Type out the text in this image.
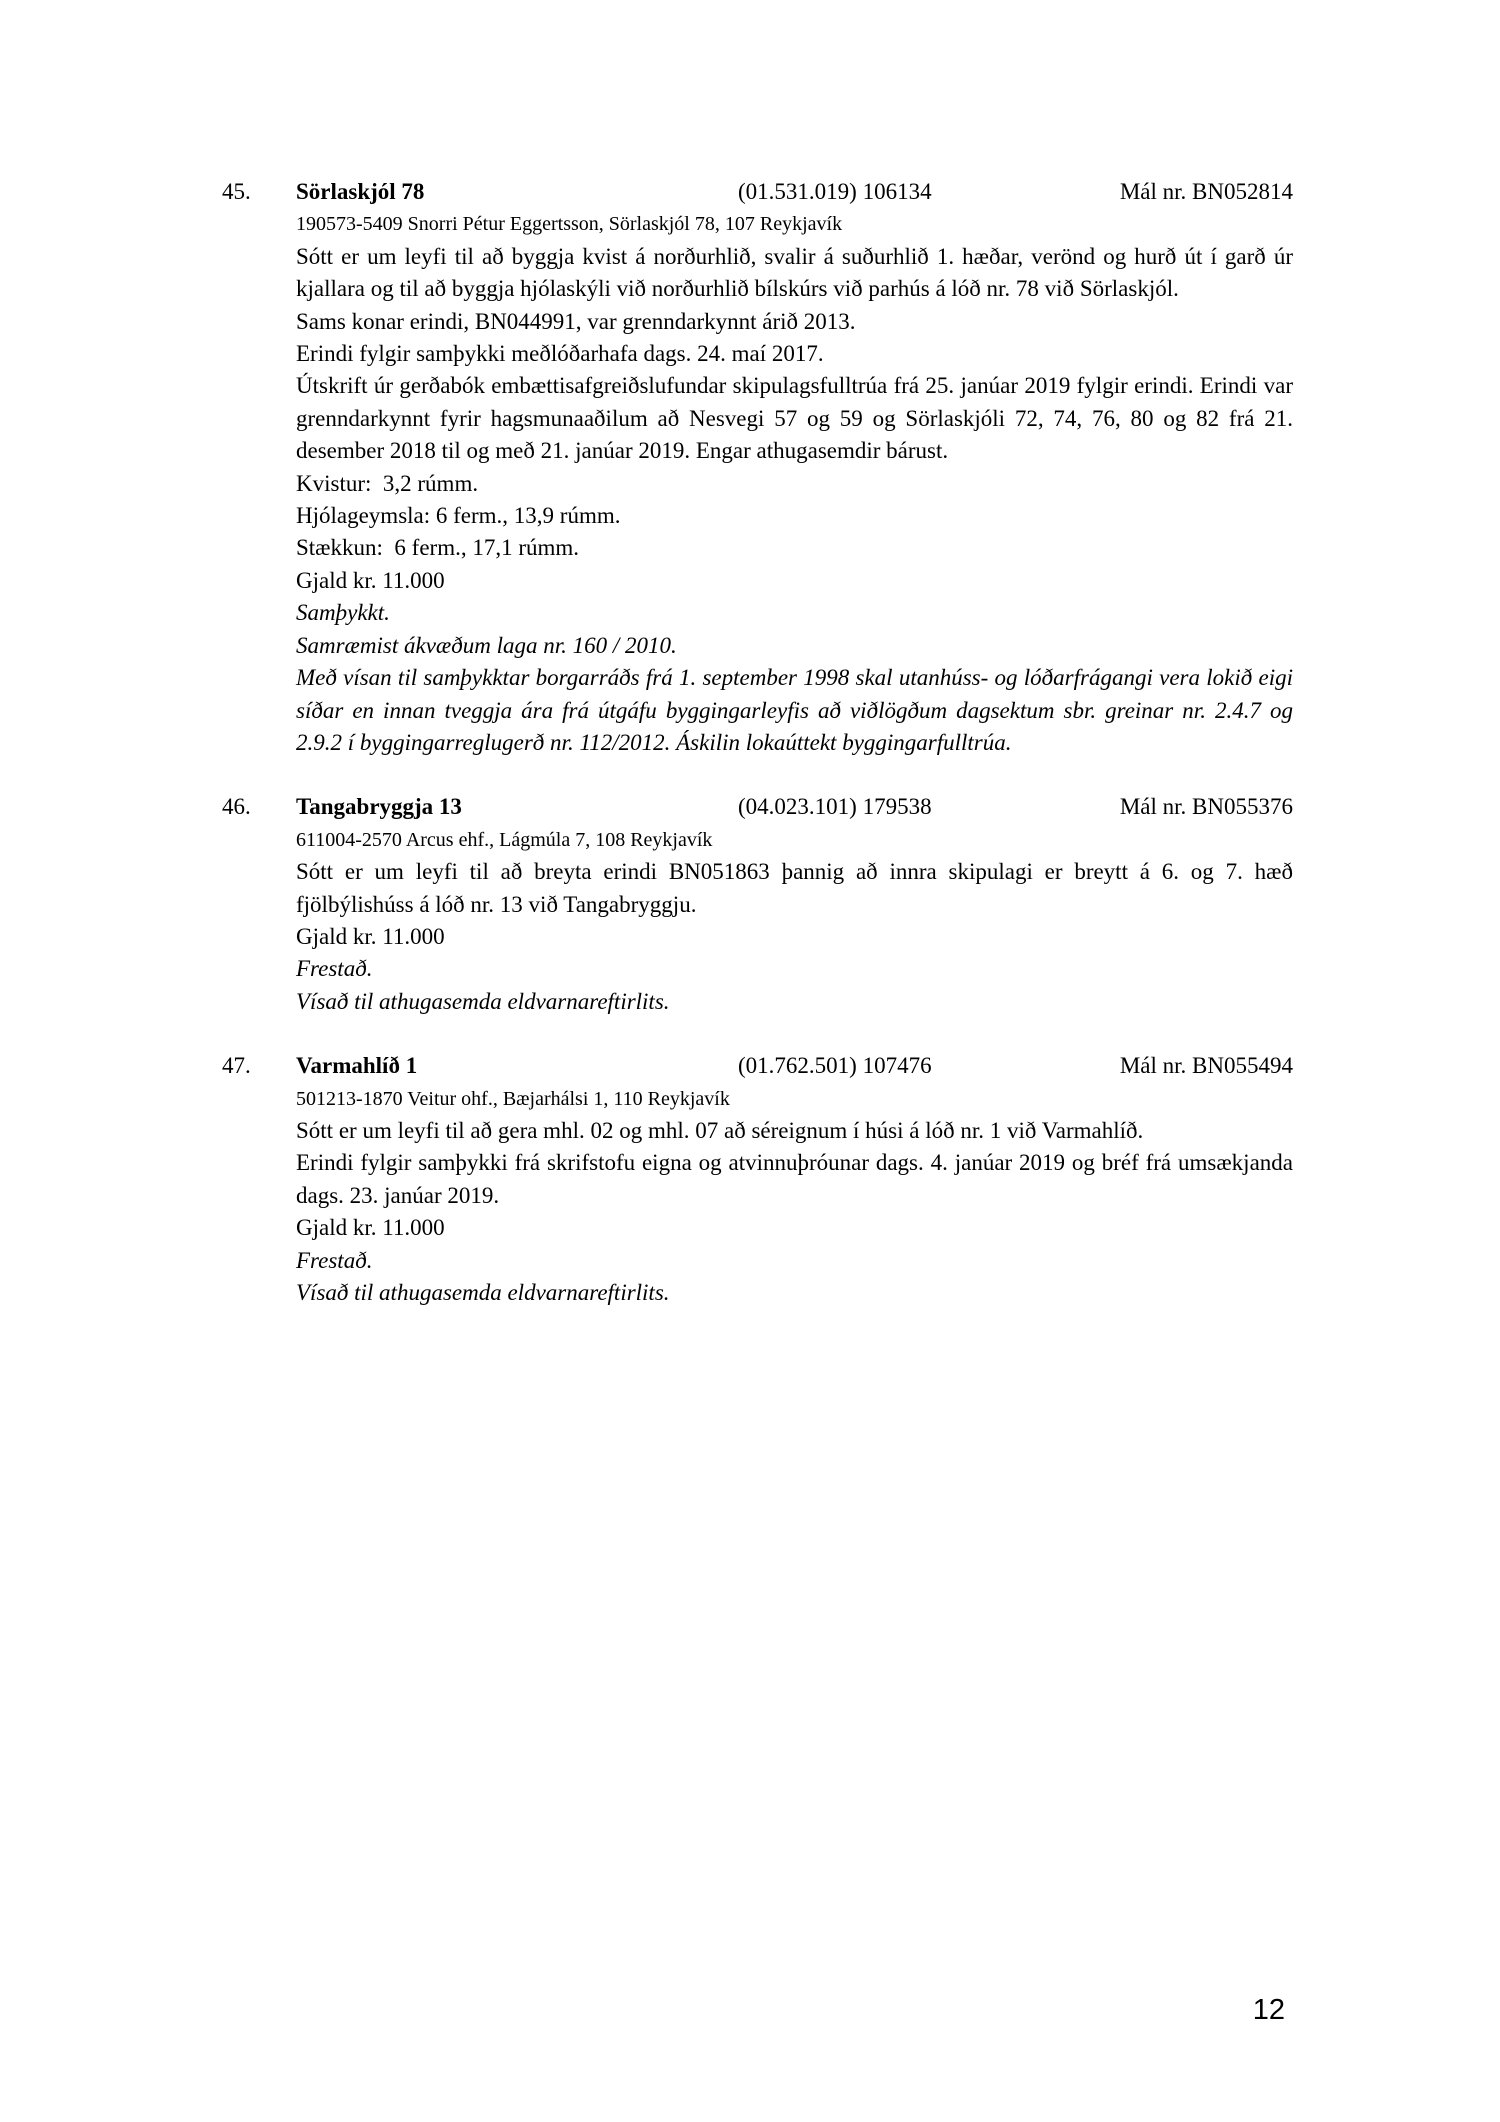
45.	Sörlaskjól 78	(01.531.019) 106134	Mál nr. BN052814

190573-5409 Snorri Pétur Eggertsson, Sörlaskjól 78, 107 Reykjavík

Sótt er um leyfi til að byggja kvist á norðurhlið, svalir á suðurhlið 1. hæðar, verönd og hurð út í garð úr kjallara og til að byggja hjólaskýli við norðurhlið bílskúrs við parhús á lóð nr. 78 við Sörlaskjól.

Sams konar erindi, BN044991, var grenndarkynnt árið 2013.

Erindi fylgir samþykki meðlóðarhafa dags. 24. maí 2017.

Útskrift úr gerðabók embættisafgreiðslufundar skipulagsfulltrúa frá 25. janúar 2019 fylgir erindi. Erindi var grenndarkynnt fyrir hagsmunaaðilum að Nesvegi 57 og 59 og Sörlaskjóli 72, 74, 76, 80 og 82 frá 21. desember 2018 til og með 21. janúar 2019. Engar athugasemdir bárust.

Kvistur:  3,2 rúmm.

Hjólageymsla: 6 ferm., 13,9 rúmm.

Stækkun:  6 ferm., 17,1 rúmm.

Gjald kr. 11.000

Samþykkt.

Samræmist ákvæðum laga nr. 160 / 2010.

Með vísan til samþykktar borgarráðs frá 1. september 1998 skal utanhúss- og lóðarfrágangi vera lokið eigi síðar en innan tveggja ára frá útgáfu byggingarleyfis að viðlögðum dagsektum sbr. greinar nr. 2.4.7 og 2.9.2 í byggingarreglugerð nr. 112/2012. Áskilin lokaúttekt byggingarfulltrúa.

46.	Tangabryggja 13	(04.023.101) 179538	Mál nr. BN055376

611004-2570 Arcus ehf., Lágmúla 7, 108 Reykjavík

Sótt er um leyfi til að breyta erindi BN051863 þannig að innra skipulagi er breytt á 6. og 7. hæð fjölbýlishúss á lóð nr. 13 við Tangabryggju.

Gjald kr. 11.000

Frestað.

Vísað til athugasemda eldvarnareftirlits.

47.	Varmahlíð 1	(01.762.501) 107476	Mál nr. BN055494

501213-1870 Veitur ohf., Bæjarhálsi 1, 110 Reykjavík

Sótt er um leyfi til að gera mhl. 02 og mhl. 07 að séreignum í húsi á lóð nr. 1 við Varmahlíð.

Erindi fylgir samþykki frá skrifstofu eigna og atvinnuþróunar dags. 4. janúar 2019 og bréf frá umsækjanda dags. 23. janúar 2019.

Gjald kr. 11.000

Frestað.

Vísað til athugasemda eldvarnareftirlits.

12
